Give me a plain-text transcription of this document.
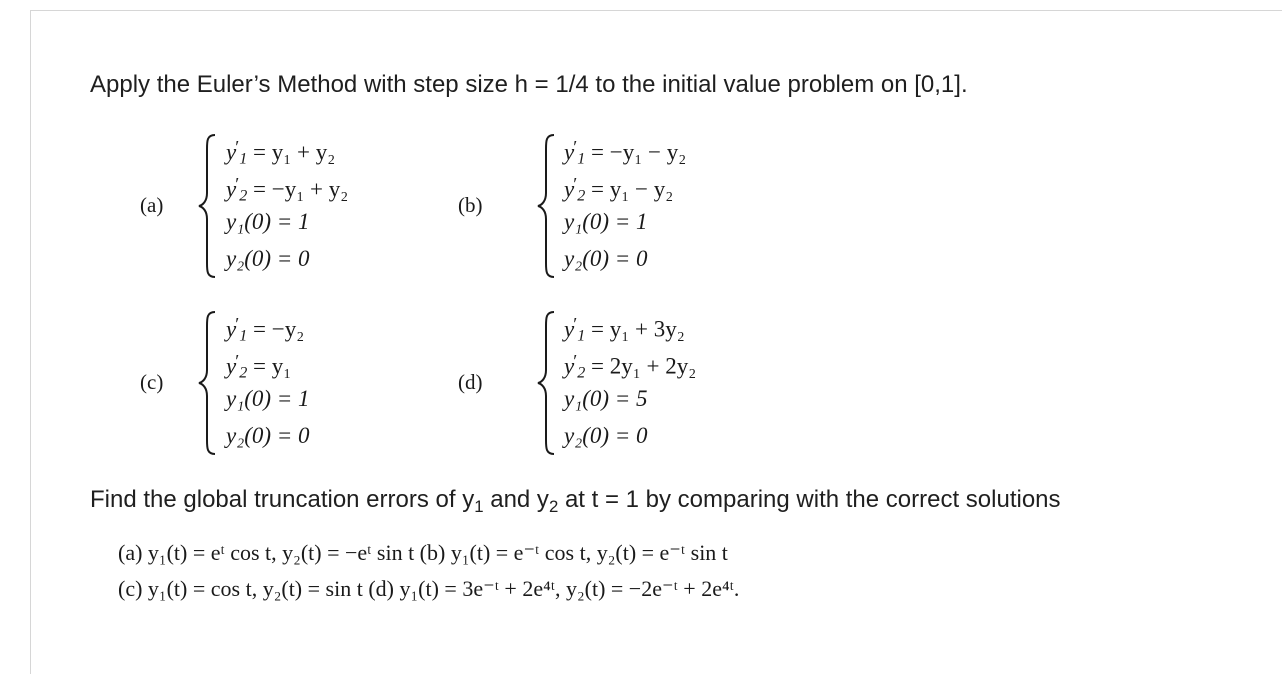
Apply the Euler’s Method with step size h = 1/4 to the initial value problem on [0,1].
(a)
$y'_1 = y_1 + y_2$
$y'_2 = -y_1 + y_2$
y₁(0) = 1
y₂(0) = 0
(b)
$y'_1 = -y_1 - y_2$
$y'_2 = y_1 - y_2$
y₁(0) = 1
y₂(0) = 0
(c)
$y'_1 = -y_2$
$y'_2 = y_1$
y₁(0) = 1
y₂(0) = 0
(d)
$y'_1 = y_1 + 3y_2$
$y'_2 = 2y_1 + 2y_2$
y₁(0) = 5
y₂(0) = 0
Find the global truncation errors of $y_1$ and $y_2$ at t = 1 by comparing with the correct solutions
(a) y₁(t) = eᵗ cos t, y₂(t) = −eᵗ sin t (b) y₁(t) = e⁻ᵗ cos t, y₂(t) = e⁻ᵗ sin t
(c) y₁(t) = cos t, y₂(t) = sin t (d) y₁(t) = 3e⁻ᵗ + 2e⁴ᵗ, y₂(t) = −2e⁻ᵗ + 2e⁴ᵗ.
